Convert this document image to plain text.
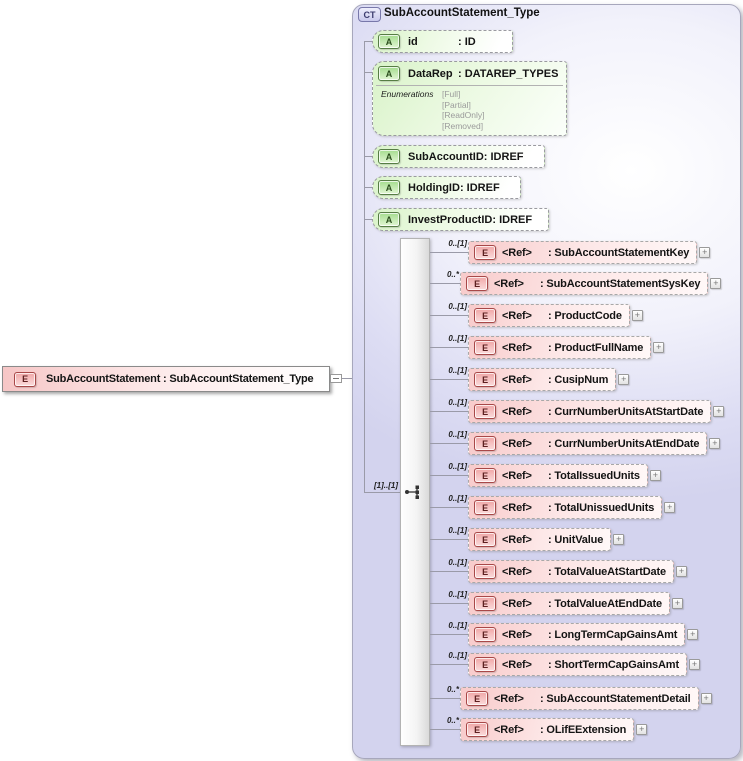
E	SubAccountStatement : SubAccountStatement_Type
CT SubAccountStatement_Type
A	id	: ID
A	DataRep : DATAREP_TYPES
Enumerations	[Full]
[Partial]
[ReadOnly]
[Removed]
A	SubAccountID : IDREF
A	HoldingID : IDREF
A	InvestProductID : IDREF
[1]..[1]
0..[1]
E	<Ref>	: SubAccountStatementKey	+
0..*
E	<Ref>	: SubAccountStatementSysKey	+
0..[1]
E	<Ref>	: ProductCode	+
0..[1]
E	<Ref>	: ProductFullName	+
0..[1]
E	<Ref>	: CusipNum	+
0..[1]
E	<Ref>	: CurrNumberUnitsAtStartDate	+
0..[1]
E	<Ref>	: CurrNumberUnitsAtEndDate	+
0..[1]
E	<Ref>	: TotalIssuedUnits	+
0..[1]
E	<Ref>	: TotalUnissuedUnits	+
0..[1]
E	<Ref>	: UnitValue	+
0..[1]
E	<Ref>	: TotalValueAtStartDate	+
0..[1]
E	<Ref>	: TotalValueAtEndDate	+
0..[1]
E	<Ref>	: LongTermCapGainsAmt	+
0..[1]
E	<Ref>	: ShortTermCapGainsAmt	+
0..*
E	<Ref>	: SubAccountStatementDetail	+
0..*
E	<Ref>	: OLifEExtension	+
